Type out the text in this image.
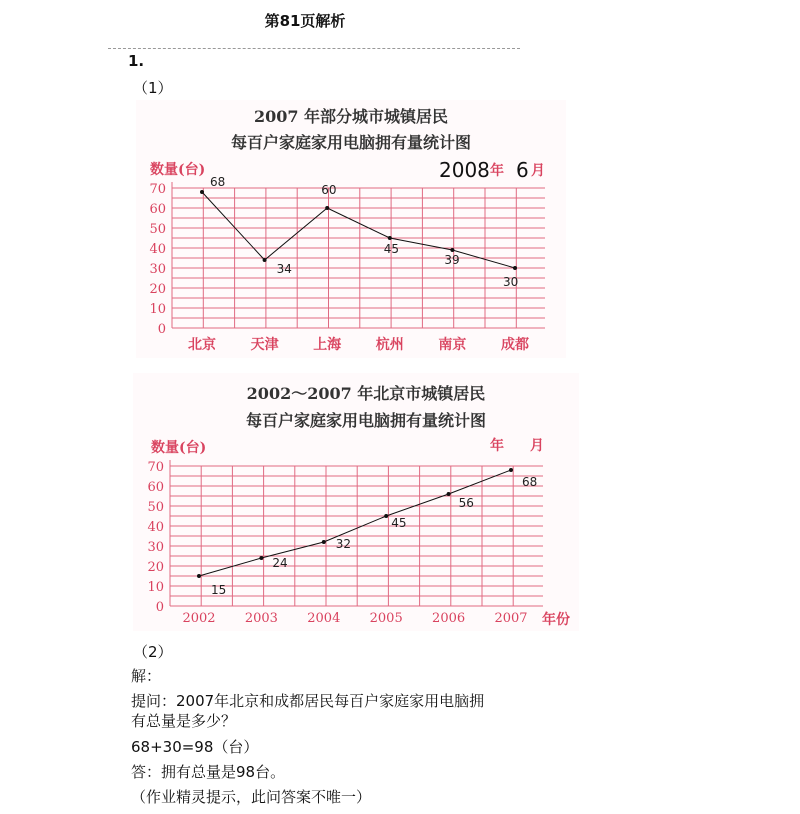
第81页解析
1.
（1）
2007 年部分城市城镇居民
每百户家庭家用电脑拥有量统计图
数量(台)	2008 年 6 月
70
60
50
40
30
20
10
0
北京 天津 上海 杭州 南京 成都
68
34
60
45
39
30
2002～2007 年北京市城镇居民
每百户家庭家用电脑拥有量统计图
数量(台)	年 月
年份
70
60
50
40
30
20
10
0
2002 2003 2004 2005 2006 2007
15
24
32
45
56
68
（2）
解：
提问：2007年北京和成都居民每百户家庭家用电脑拥
有总量是多少？
68+30=98（台）
答：拥有总量是98台。
（作业精灵提示，此问答案不唯一）
